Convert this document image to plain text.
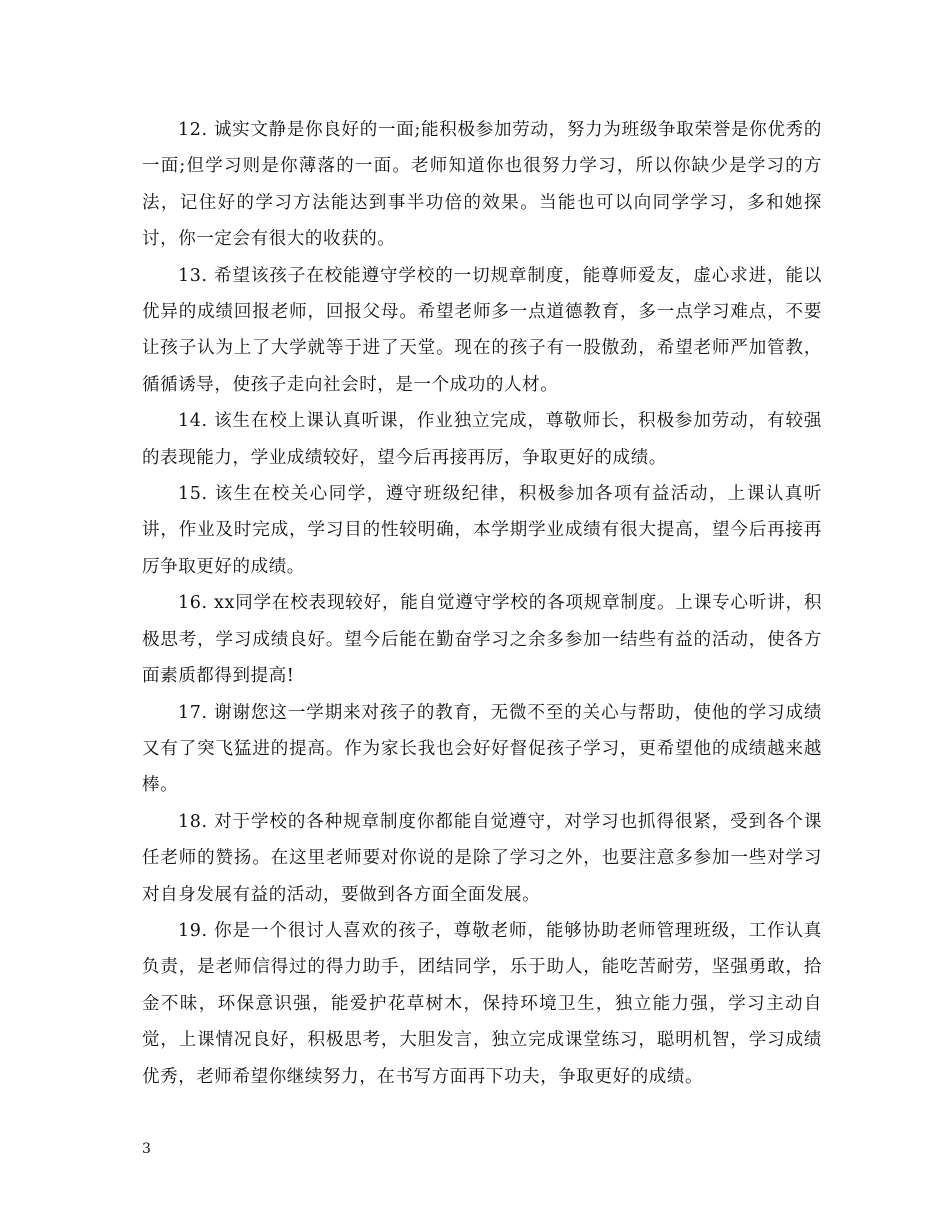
12. 诚实文静是你良好的一面;能积极参加劳动，努力为班级争取荣誉是你优秀的一面;但学习则是你薄落的一面。老师知道你也很努力学习，所以你缺少是学习的方法，记住好的学习方法能达到事半功倍的效果。当能也可以向同学学习，多和她探讨，你一定会有很大的收获的。

13. 希望该孩子在校能遵守学校的一切规章制度，能尊师爱友，虚心求进，能以优异的成绩回报老师，回报父母。希望老师多一点道德教育，多一点学习难点，不要让孩子认为上了大学就等于进了天堂。现在的孩子有一股傲劲，希望老师严加管教，循循诱导，使孩子走向社会时，是一个成功的人材。

14. 该生在校上课认真听课，作业独立完成，尊敬师长，积极参加劳动，有较强的表现能力，学业成绩较好，望今后再接再厉，争取更好的成绩。

15. 该生在校关心同学，遵守班级纪律，积极参加各项有益活动，上课认真听讲，作业及时完成，学习目的性较明确，本学期学业成绩有很大提高，望今后再接再厉争取更好的成绩。

16. xx同学在校表现较好，能自觉遵守学校的各项规章制度。上课专心听讲，积极思考，学习成绩良好。望今后能在勤奋学习之余多参加一结些有益的活动，使各方面素质都得到提高!

17. 谢谢您这一学期来对孩子的教育，无微不至的关心与帮助，使他的学习成绩又有了突飞猛进的提高。作为家长我也会好好督促孩子学习，更希望他的成绩越来越棒。

18. 对于学校的各种规章制度你都能自觉遵守，对学习也抓得很紧，受到各个课任老师的赞扬。在这里老师要对你说的是除了学习之外，也要注意多参加一些对学习对自身发展有益的活动，要做到各方面全面发展。

19. 你是一个很讨人喜欢的孩子，尊敬老师，能够协助老师管理班级，工作认真负责，是老师信得过的得力助手，团结同学，乐于助人，能吃苦耐劳，坚强勇敢，拾金不昧，环保意识强，能爱护花草树木，保持环境卫生，独立能力强，学习主动自觉，上课情况良好，积极思考，大胆发言，独立完成课堂练习，聪明机智，学习成绩优秀，老师希望你继续努力，在书写方面再下功夫，争取更好的成绩。

3
